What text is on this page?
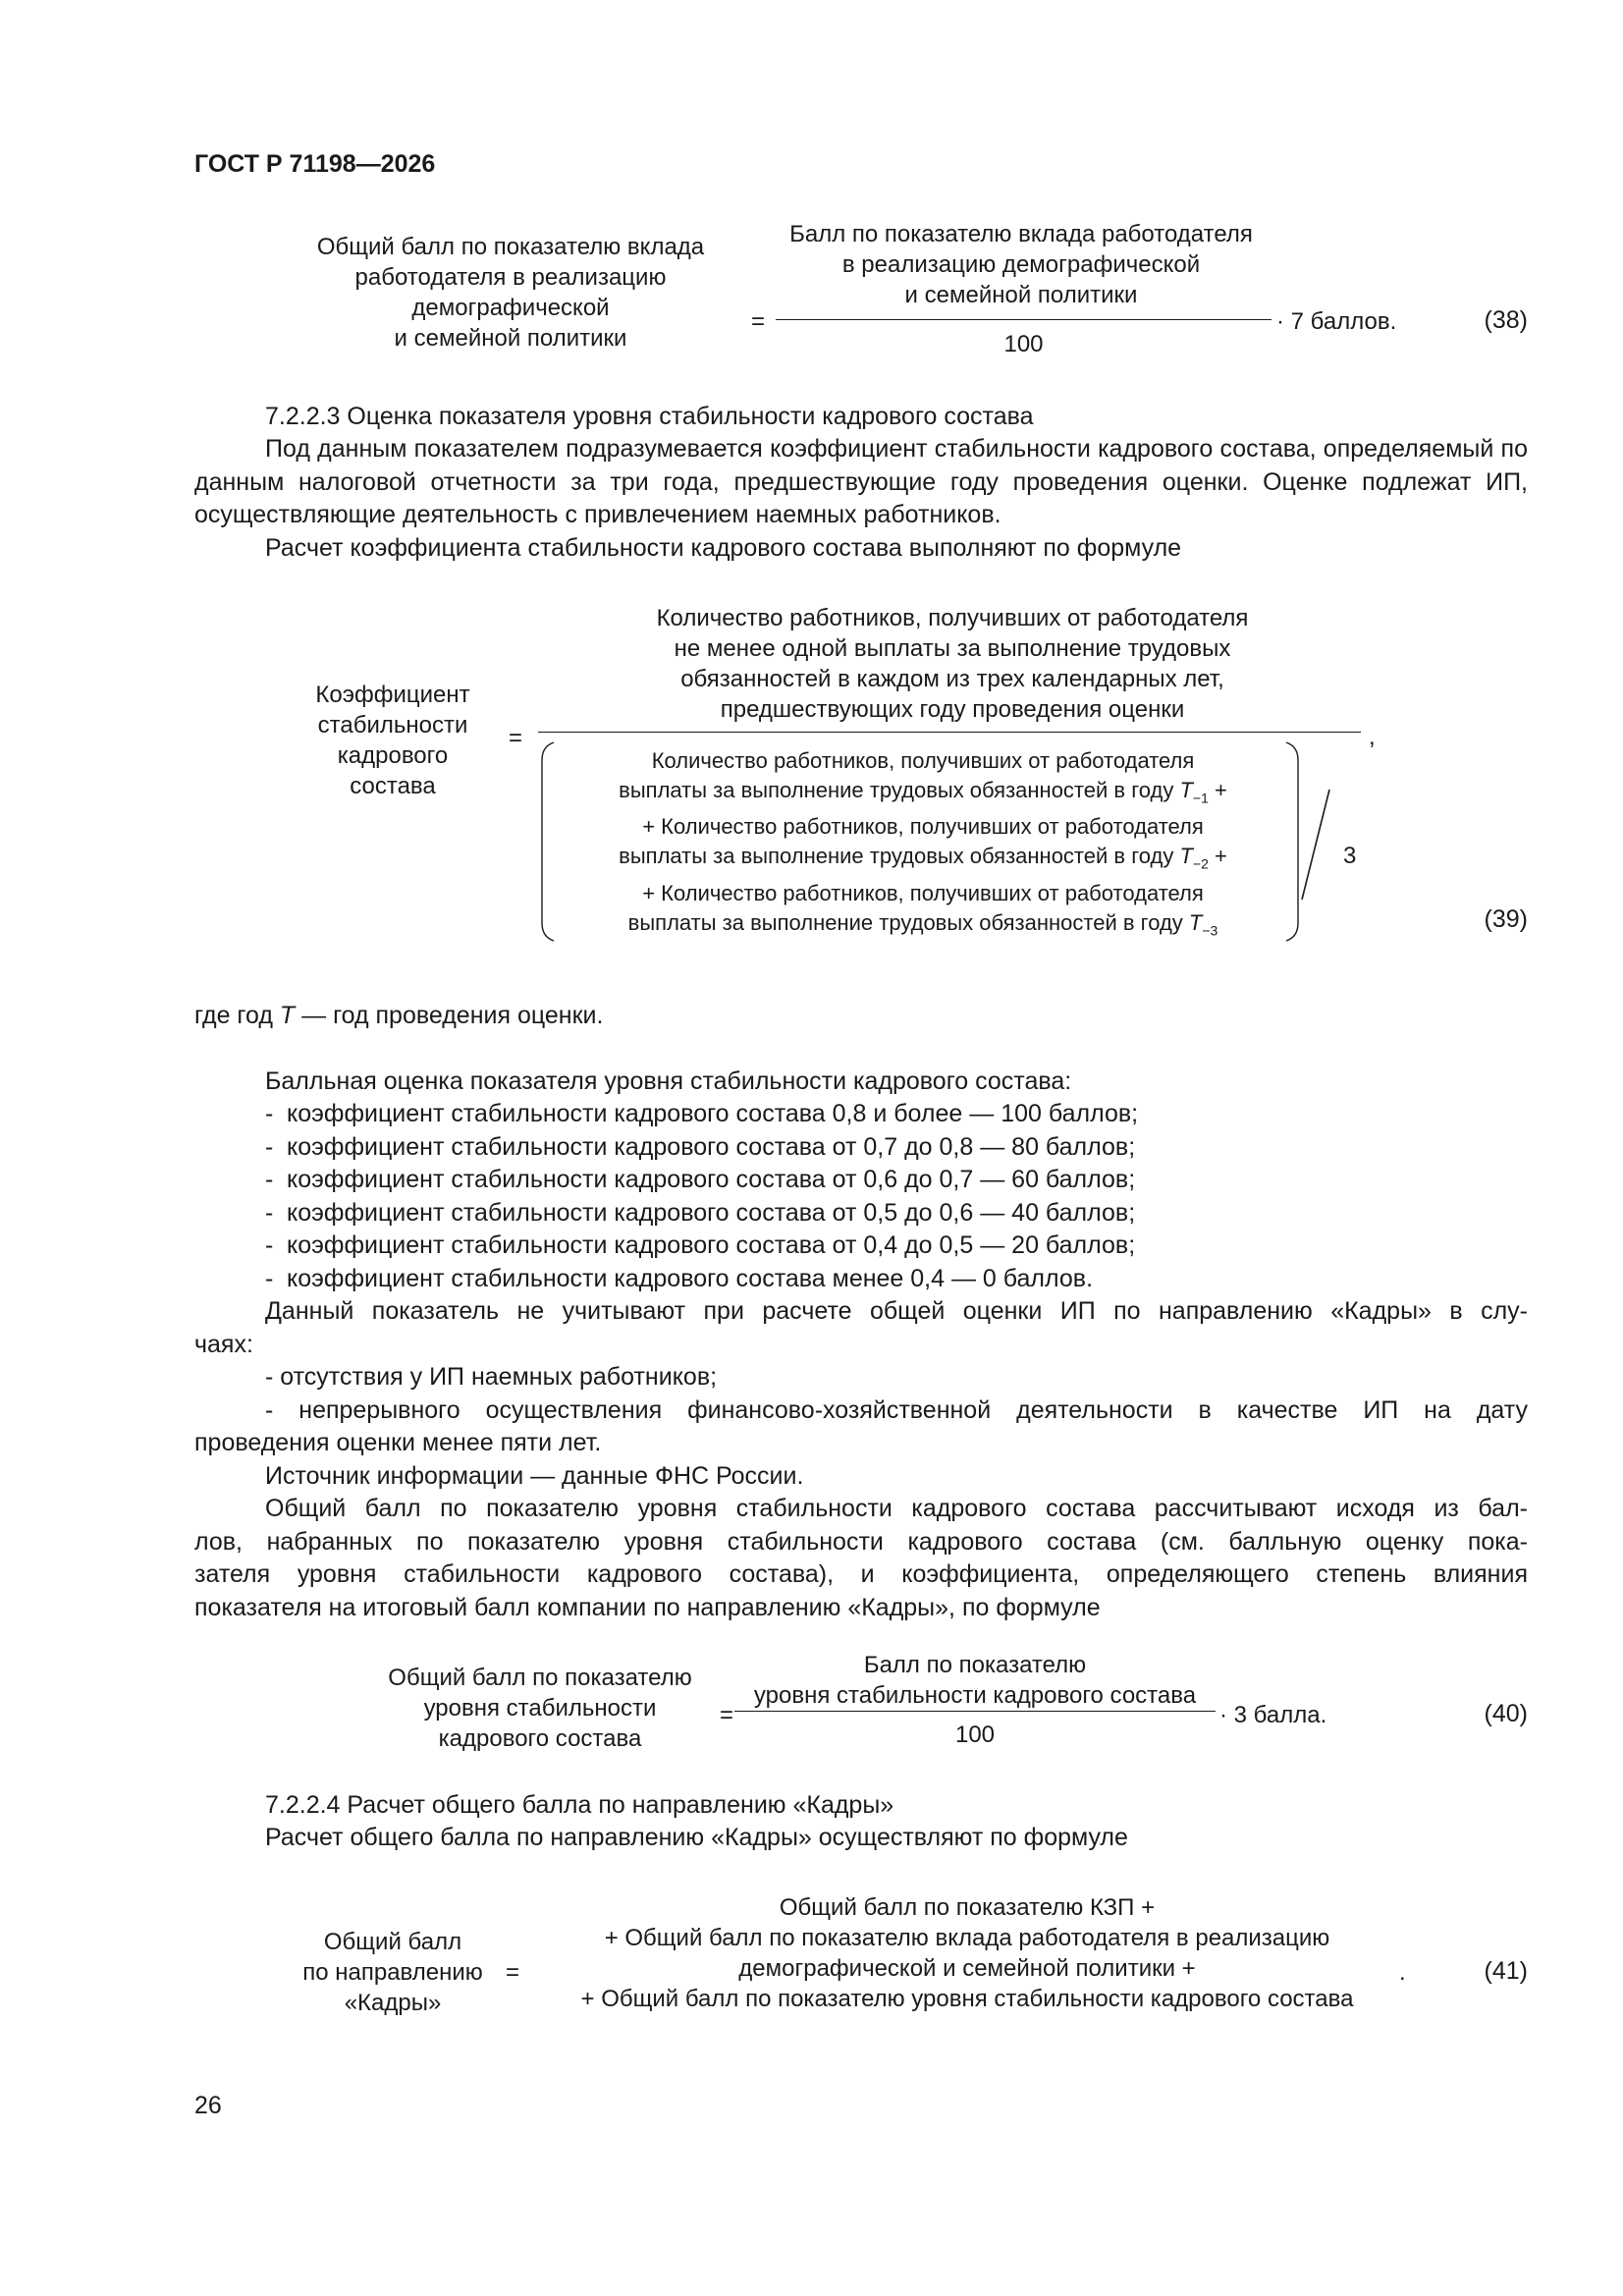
ГОСТ Р 71198—2026
Общий балл по показателю вклада
работодателя в реализацию
демографической
и семейной политики
=
Балл по показателю вклада работодателя
в реализацию демографической
и семейной политики
100
· 7 баллов.	(38)
7.2.2.3 Оценка показателя уровня стабильности кадрового состава
Под данным показателем подразумевается коэффициент стабильности кадрового состава, определяемый по данным налоговой отчетности за три года, предшествующие году проведения оценки. Оценке подлежат ИП, осуществляющие деятельность с привлечением наемных работников.
Расчет коэффициента стабильности кадрового состава выполняют по формуле
Коэффициент
стабильности
кадрового
состава
=
Количество работников, получивших от работодателя
не менее одной выплаты за выполнение трудовых
обязанностей в каждом из трех календарных лет,
предшествующих году проведения оценки
,
Количество работников, получивших от работодателя
выплаты за выполнение трудовых обязанностей в году $T_{-1}$ +
+ Количество работников, получивших от работодателя
выплаты за выполнение трудовых обязанностей в году $T_{-2}$ +
+ Количество работников, получивших от работодателя
выплаты за выполнение трудовых обязанностей в году $T_{-3}$
3
(39)
где год T — год проведения оценки.
Балльная оценка показателя уровня стабильности кадрового состава:
- коэффициент стабильности кадрового состава 0,8 и более — 100 баллов;
- коэффициент стабильности кадрового состава от 0,7 до 0,8 — 80 баллов;
- коэффициент стабильности кадрового состава от 0,6 до 0,7 — 60 баллов;
- коэффициент стабильности кадрового состава от 0,5 до 0,6 — 40 баллов;
- коэффициент стабильности кадрового состава от 0,4 до 0,5 — 20 баллов;
- коэффициент стабильности кадрового состава менее 0,4 — 0 баллов.
Данный показатель не учитывают при расчете общей оценки ИП по направлению «Кадры» в слу-
чаях:
- отсутствия у ИП наемных работников;
- непрерывного осуществления финансово-хозяйственной деятельности в качестве ИП на дату
проведения оценки менее пяти лет.
Источник информации — данные ФНС России.
Общий балл по показателю уровня стабильности кадрового состава рассчитывают исходя из бал-
лов, набранных по показателю уровня стабильности кадрового состава (см. балльную оценку пока-
зателя уровня стабильности кадрового состава), и коэффициента, определяющего степень влияния
показателя на итоговый балл компании по направлению «Кадры», по формуле
Общий балл по показателю
уровня стабильности
кадрового состава
=
Балл по показателю
уровня стабильности кадрового состава
100
· 3 балла.	(40)
7.2.2.4 Расчет общего балла по направлению «Кадры»
Расчет общего балла по направлению «Кадры» осуществляют по формуле
Общий балл
по направлению
«Кадры»
=
Общий балл по показателю КЗП +
+ Общий балл по показателю вклада работодателя в реализацию
демографической и семейной политики +
+ Общий балл по показателю уровня стабильности кадрового состава
.	(41)
26
